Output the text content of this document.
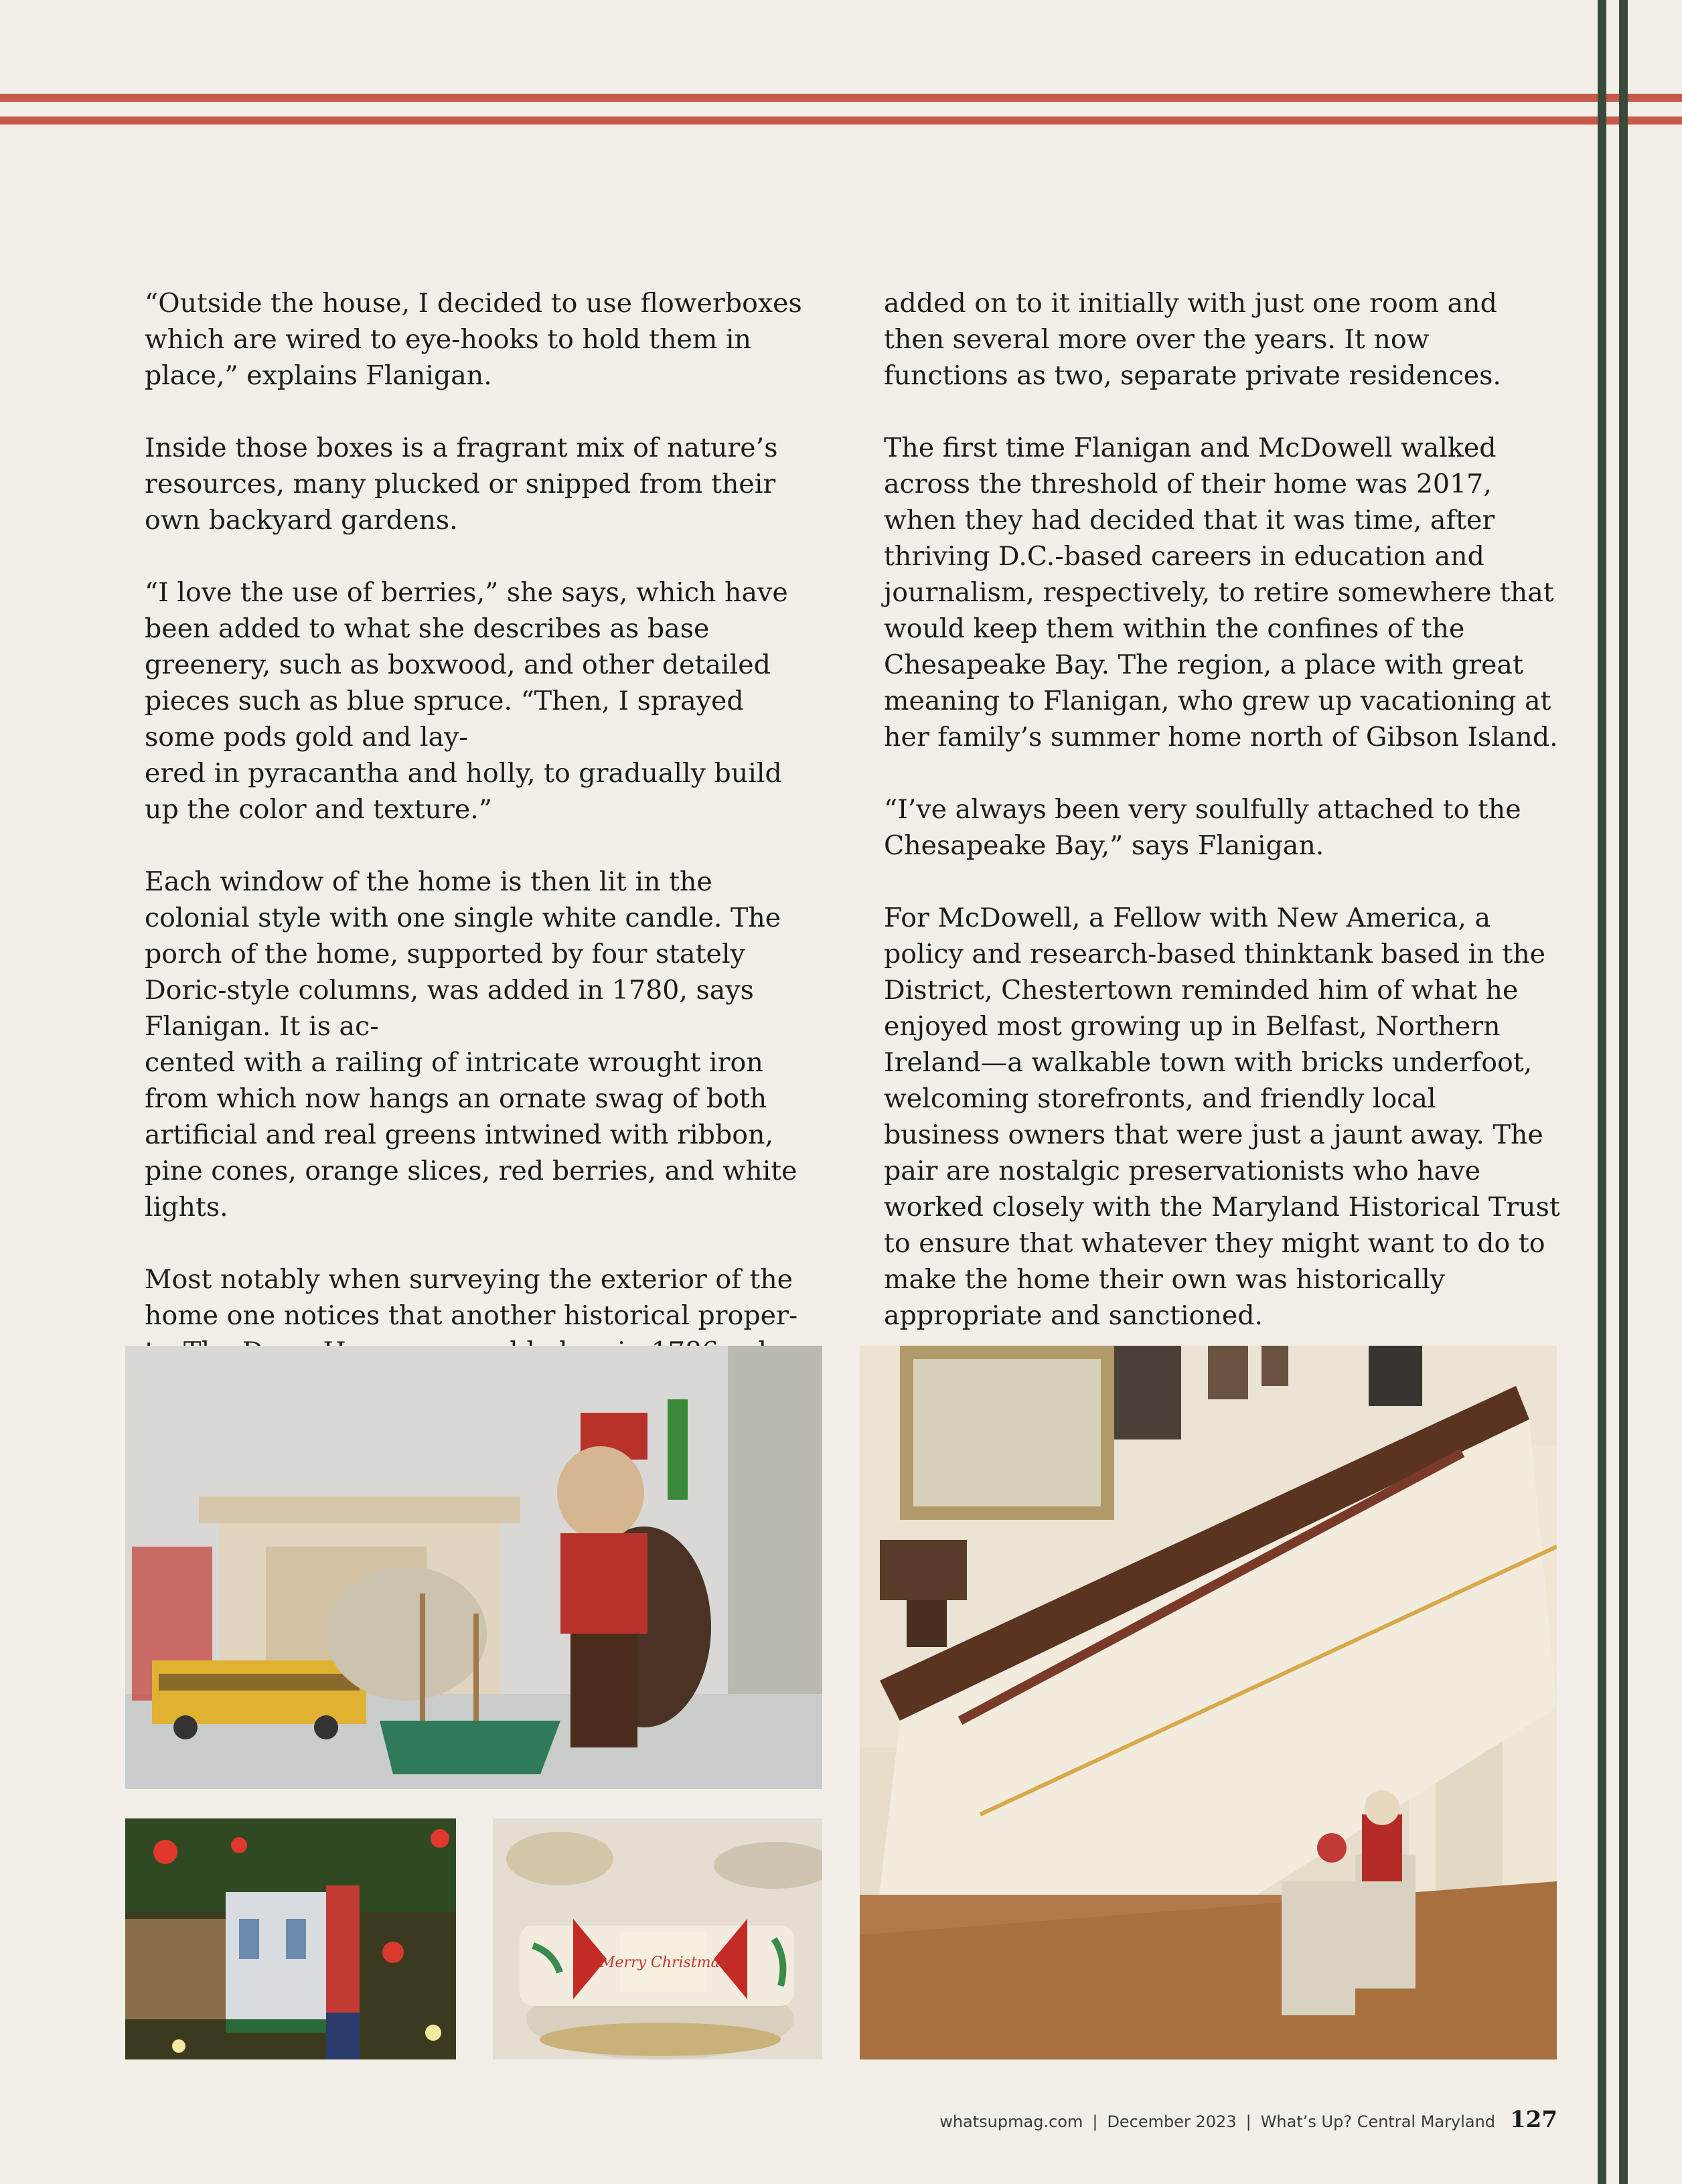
“Outside the house, I decided to use flowerboxes which are wired to eye-hooks to hold them in place,” explains Flanigan.

Inside those boxes is a fragrant mix of nature’s resources, many plucked or snipped from their own backyard gardens.

“I love the use of berries,” she says, which have been added to what she describes as base greenery, such as boxwood, and other detailed pieces such as blue spruce. “Then, I sprayed some pods gold and lay-
ered in pyracantha and holly, to gradually build up the color and texture.”

Each window of the home is then lit in the colonial style with one single white candle. The porch of the home, supported by four stately Doric-style columns, was added in 1780, says Flanigan. It is ac-
cented with a railing of intricate wrought iron from which now hangs an ornate swag of both artificial and real greens intwined with ribbon, pine cones, orange slices, red berries, and white lights.

Most notably when surveying the exterior of the home one notices that another historical proper-

added on to it initially with just one room and then several more over the years. It now functions as two, separate private residences.

The first time Flanigan and McDowell walked across the threshold of their home was 2017, when they had decided that it was time, after thriving D.C.-based careers in education and journalism, respectively, to retire somewhere that would keep them within the confines of the Chesapeake Bay. The region, a place with great meaning to Flanigan, who grew up vacationing at her family’s summer home north of Gibson Island.

“I’ve always been very soulfully attached to the Chesapeake Bay,” says Flanigan.

For McDowell, a Fellow with New America, a policy and research-based thinktank based in the District, Chestertown reminded him of what he enjoyed most growing up in Belfast, Northern Ireland—a walkable town with bricks underfoot, welcoming storefronts, and friendly local business owners that were just a jaunt away. The pair are nostalgic preservationists who have worked closely with the Maryland Historical Trust to ensure that whatever they might want to do to make the home their own was historically appropriate and sanctioned.

Merry Christmas
whatsupmag.com | December 2023 | What’s Up? Central Maryland 127
